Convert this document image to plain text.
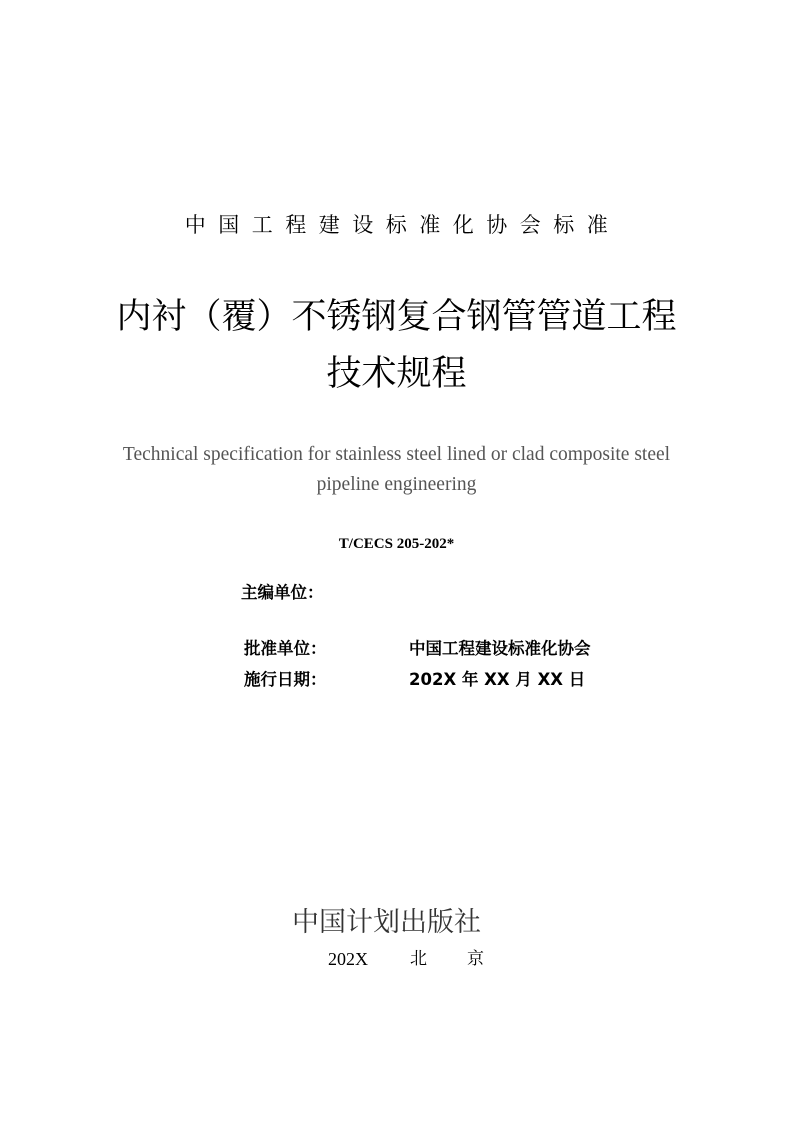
中国工程建设标准化协会标准
内衬（覆）不锈钢复合钢管管道工程
技术规程
Technical specification for stainless steel lined or clad composite steel
pipeline engineering
T/CECS 205-202*
主编单位：
批准单位：	中国工程建设标准化协会
施行日期：	202X 年 XX 月 XX 日
中国计划出版社
202X 北京
